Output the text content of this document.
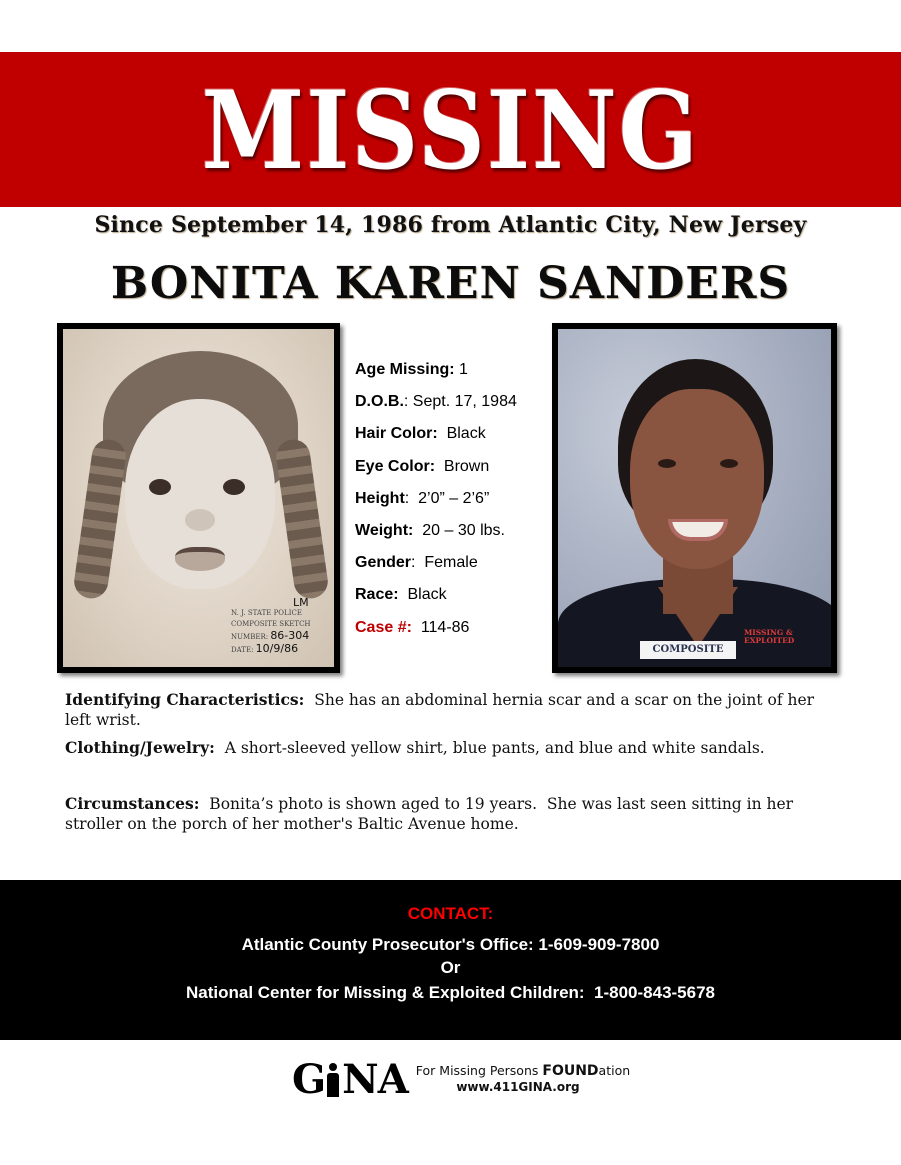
MISSING
Since September 14, 1986 from Atlantic City, New Jersey
BONITA KAREN SANDERS
LM
N. J. STATE POLICE
COMPOSITE SKETCH
NUMBER: 86-304
DATE: 10/9/86
Age Missing: 1
D.O.B.: Sept. 17, 1984
Hair Color:  Black
Eye Color:  Brown
Height:  2’0” – 2’6”
Weight:  20 – 30 lbs.
Gender:  Female
Race:  Black
Case #:  114-86
COMPOSITE
MISSING & EXPLOITED
Identifying Characteristics:  She has an abdominal hernia scar and a scar on the joint of her left wrist.
Clothing/Jewelry:  A short-sleeved yellow shirt, blue pants, and blue and white sandals.
Circumstances:  Bonita’s photo is shown aged to 19 years.  She was last seen sitting in her stroller on the porch of her mother's Baltic Avenue home.
CONTACT:
Atlantic County Prosecutor's Office: 1-609-909-7800
Or
National Center for Missing & Exploited Children:  1-800-843-5678
G NA For Missing Persons FOUNDation
www.411GINA.org
